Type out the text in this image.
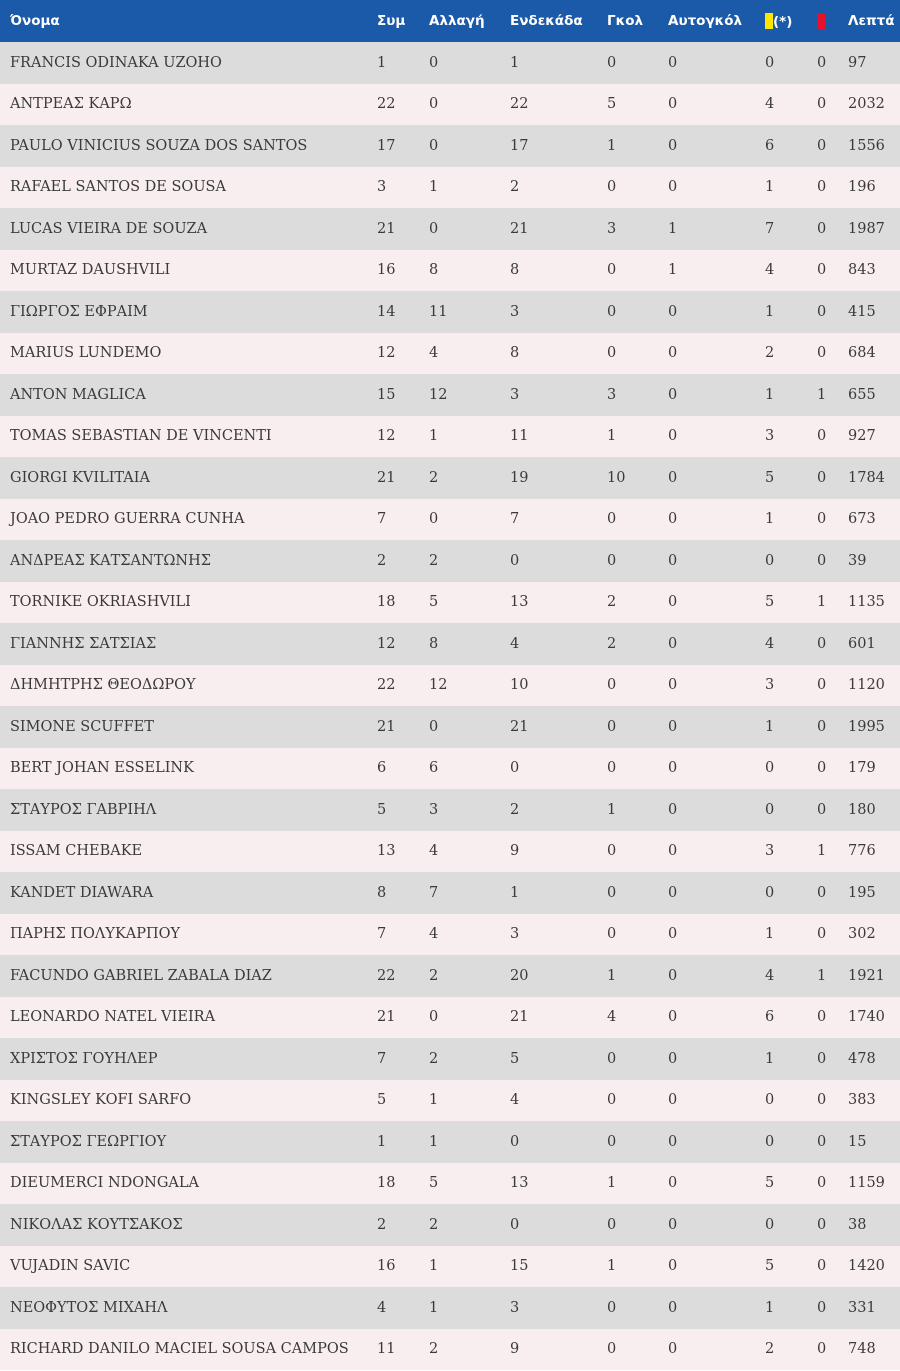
Όνομα	Συμ	Αλλαγή	Ενδεκάδα	Γκολ	Αυτογκόλ	(*)		Λεπτά
FRANCIS ODINAKA UZOHO	1	0	1	0	0	0	0	97
ΑΝΤΡΕΑΣ ΚΑΡΩ	22	0	22	5	0	4	0	2032
PAULO VINICIUS SOUZA DOS SANTOS	17	0	17	1	0	6	0	1556
RAFAEL SANTOS DE SOUSA	3	1	2	0	0	1	0	196
LUCAS VIEIRA DE SOUZA	21	0	21	3	1	7	0	1987
MURTAZ DAUSHVILI	16	8	8	0	1	4	0	843
ΓΙΩΡΓΟΣ ΕΦΡΑΙΜ	14	11	3	0	0	1	0	415
MARIUS LUNDEMO	12	4	8	0	0	2	0	684
ANTON MAGLICA	15	12	3	3	0	1	1	655
TOMAS SEBASTIAN DE VINCENTI	12	1	11	1	0	3	0	927
GIORGI KVILITAIA	21	2	19	10	0	5	0	1784
JOAO PEDRO GUERRA CUNHA	7	0	7	0	0	1	0	673
ΑΝΔΡΕΑΣ ΚΑΤΣΑΝΤΩΝΗΣ	2	2	0	0	0	0	0	39
TORNIKE OKRIASHVILI	18	5	13	2	0	5	1	1135
ΓΙΑΝΝΗΣ ΣΑΤΣΙΑΣ	12	8	4	2	0	4	0	601
ΔΗΜΗΤΡΗΣ ΘΕΟΔΩΡΟΥ	22	12	10	0	0	3	0	1120
SIMONE SCUFFET	21	0	21	0	0	1	0	1995
BERT JOHAN ESSELINK	6	6	0	0	0	0	0	179
ΣΤΑΥΡΟΣ ΓΑΒΡΙΗΛ	5	3	2	1	0	0	0	180
ISSAM CHEBAKE	13	4	9	0	0	3	1	776
KANDET DIAWARA	8	7	1	0	0	0	0	195
ΠΑΡΗΣ ΠΟΛΥΚΑΡΠΟΥ	7	4	3	0	0	1	0	302
FACUNDO GABRIEL ZABALA DIAZ	22	2	20	1	0	4	1	1921
LEONARDO NATEL VIEIRA	21	0	21	4	0	6	0	1740
ΧΡΙΣΤΟΣ ΓΟΥΗΛΕΡ	7	2	5	0	0	1	0	478
KINGSLEY KOFI SARFO	5	1	4	0	0	0	0	383
ΣΤΑΥΡΟΣ ΓΕΩΡΓΙΟΥ	1	1	0	0	0	0	0	15
DIEUMERCI NDONGALA	18	5	13	1	0	5	0	1159
ΝΙΚΟΛΑΣ ΚΟΥΤΣΑΚΟΣ	2	2	0	0	0	0	0	38
VUJADIN SAVIC	16	1	15	1	0	5	0	1420
ΝΕΟΦΥΤΟΣ ΜΙΧΑΗΛ	4	1	3	0	0	1	0	331
RICHARD DANILO MACIEL SOUSA CAMPOS	11	2	9	0	0	2	0	748
